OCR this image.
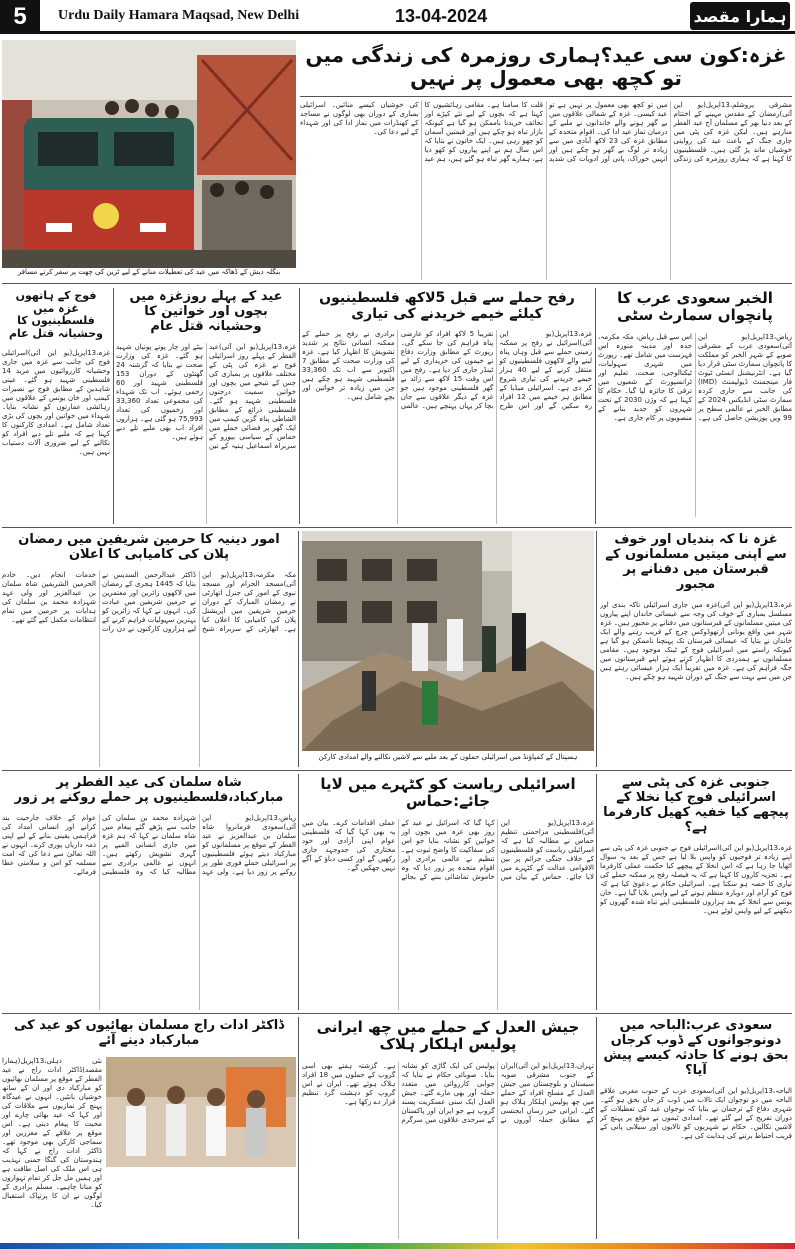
5	Urdu Daily Hamara Maqsad, New Delhi	13-04-2024	ہمارا مقصد
غزہ:کون سی عید؟ہماری روزمرہ کی زندگی میں تو کچھ بھی معمول پر نہیں
مشرقی یروشلم،13اپریل(یو این آئی)رمضان کے مقدس مہینے کے اختتام کے بعد دنیا بھر کے مسلمان آج عید الفطر منارہے ہیں۔ لیکن غزہ کی پٹی میں جاری جنگ کے باعث عید کی روایتی خوشیاں ماند پڑ گئی ہیں۔ فلسطینیوں کا کہنا ہے کہ ہماری روزمرہ کی زندگی میں تو کچھ بھی معمول پر نہیں ہے تو عید کیسی۔ غزہ کے شمالی علاقوں میں بے گھر ہونے والے خاندانوں نے ملبے کے درمیان نماز عید ادا کی۔ اقوام متحدہ کے مطابق غزہ کی 23 لاکھ آبادی میں سے زیادہ تر لوگ بے گھر ہو چکے ہیں اور انہیں خوراک، پانی اور ادویات کی شدید قلت کا سامنا ہے۔ مقامی رہائشیوں کا کہنا ہے کہ بچوں کے لیے نئے کپڑے اور تحائف خریدنا ناممکن ہو گیا ہے کیونکہ بازار تباہ ہو چکے ہیں اور قیمتیں آسمان کو چھو رہی ہیں۔ ایک خاتون نے بتایا کہ اس سال ہم نے اپنے پیاروں کو کھو دیا ہے، ہمارے گھر تباہ ہو گئے ہیں، ہم عید کی خوشیاں کیسے منائیں۔ اسرائیلی بمباری کے دوران بھی لوگوں نے مساجد کے کھنڈرات میں نماز ادا کی اور شہداء کے لیے دعا کی۔
بنگلہ دیش کے ڈھاکہ میں عید کی تعطیلات منانے کے لیے ٹرین کی چھت پر سفر کرتے مسافر
الخبر سعودی عرب کا پانچواں سمارٹ سٹی
ریاض،13اپریل(یو این آئی)سعودی عرب کے مشرقی صوبے کے شہر الخبر کو مملکت کا پانچواں سمارٹ سٹی قرار دیا گیا ہے۔ انٹرنیشنل انسٹی ٹیوٹ فار مینجمنٹ ڈیولپمنٹ (IMD) کی جانب سے جاری کردہ سمارٹ سٹی انڈیکس 2024 کے مطابق الخبر نے عالمی سطح پر 99 ویں پوزیشن حاصل کی ہے۔ اس سے قبل ریاض، مکہ مکرمہ، جدہ اور مدینہ منورہ اس فہرست میں شامل تھے۔ رپورٹ میں شہری سہولیات، ٹیکنالوجی، صحت، تعلیم اور ٹرانسپورٹ کے شعبوں میں ترقی کا جائزہ لیا گیا۔ حکام کا کہنا ہے کہ وژن 2030 کے تحت شہروں کو جدید بنانے کے منصوبوں پر کام جاری ہے۔
رفح حملے سے قبل 5لاکھ فلسطینیوں کیلئے خیمے خریدنے کی تیاری
غزہ،13اپریل(یو این آئی)اسرائیل نے رفح پر ممکنہ زمینی حملے سے قبل وہاں پناہ لینے والے لاکھوں فلسطینیوں کو منتقل کرنے کے لیے 40 ہزار خیمے خریدنے کی تیاری شروع کر دی ہے۔ اسرائیلی میڈیا کے مطابق ہر خیمے میں 12 افراد رہ سکیں گے اور اس طرح تقریباً 5 لاکھ افراد کو عارضی پناہ فراہم کی جا سکے گی۔ رپورٹ کے مطابق وزارت دفاع نے خیموں کی خریداری کے لیے ٹینڈر جاری کر دیا ہے۔ رفح میں اس وقت 15 لاکھ سے زائد بے گھر فلسطینی موجود ہیں جو غزہ کے دیگر علاقوں سے جان بچا کر یہاں پہنچے ہیں۔ عالمی برادری نے رفح پر حملے کے ممکنہ انسانی نتائج پر شدید تشویش کا اظہار کیا ہے۔ غزہ کی وزارت صحت کے مطابق 7 اکتوبر سے اب تک 33,360 فلسطینی شہید ہو چکے ہیں جن میں زیادہ تر خواتین اور بچے شامل ہیں۔
عید کے پہلے روزغزہ میں بچوں اور خواتین کا وحشیانہ قتل عام
غزہ،13اپریل(یو این آئی)عید الفطر کے پہلے روز اسرائیلی فوج نے غزہ کی پٹی کے مختلف علاقوں پر بمباری کی جس کے نتیجے میں بچوں اور خواتین سمیت درجنوں فلسطینی شہید ہو گئے۔ فلسطینی ذرائع کے مطابق الشاطی پناہ گزین کیمپ میں ایک گھر پر فضائی حملے میں حماس کے سیاسی بیورو کے سربراہ اسماعیل ہنیہ کے تین بیٹے اور چار پوتے پوتیاں شہید ہو گئے۔ غزہ کی وزارت صحت نے بتایا کہ گزشتہ 24 گھنٹوں کے دوران 153 فلسطینی شہید اور 60 زخمی ہوئے۔ اب تک شہداء کی مجموعی تعداد 33,360 اور زخمیوں کی تعداد 75,993 ہو گئی ہے۔ ہزاروں افراد اب بھی ملبے تلے دبے ہوئے ہیں۔
فوج کے ہاتھوں غزہ میں فلسطینیوں کا وحشیانہ قتل عام
غزہ،13اپریل(یو این آئی)اسرائیلی فوج کی جانب سے غزہ میں جاری وحشیانہ کارروائیوں میں مزید 14 فلسطینی شہید ہو گئے۔ عینی شاہدین کے مطابق فوج نے نصیرات کیمپ اور خان یونس کے علاقوں میں رہائشی عمارتوں کو نشانہ بنایا۔ شہداء میں خواتین اور بچوں کی بڑی تعداد شامل ہے۔ امدادی کارکنوں کا کہنا ہے کہ ملبے تلے دبے افراد کو نکالنے کے لیے ضروری آلات دستیاب نہیں ہیں۔
امور دینیہ کا حرمین شریفین میں رمضان پلان کی کامیابی کا اعلان
مکہ مکرمہ،13اپریل(یو این آئی)مسجد الحرام اور مسجد نبوی کے امور کی جنرل اتھارٹی نے رمضان المبارک کے دوران حرمین شریفین میں آپریشنل پلان کی کامیابی کا اعلان کیا ہے۔ اتھارٹی کے سربراہ شیخ ڈاکٹر عبدالرحمن السدیس نے بتایا کہ 1445 ہجری کے رمضان میں لاکھوں زائرین اور معتمرین نے حرمین شریفین میں عبادت کی۔ انہوں نے کہا کہ زائرین کو بہترین سہولیات فراہم کرنے کے لیے ہزاروں کارکنوں نے دن رات خدمات انجام دیں۔ خادم الحرمین الشریفین شاہ سلمان بن عبدالعزیز اور ولی عہد شہزادہ محمد بن سلمان کی ہدایات پر حرمین میں تمام انتظامات مکمل کیے گئے تھے۔
ہسپتال کے کمپاؤنڈ میں اسرائیلی حملوں کے بعد ملبے سے لاشیں نکالنے والے امدادی کارکن
غزہ نا کہ بندیاں اور خوف سے اپنی میتیں مسلمانوں کے قبرستان میں دفنانے پر مجبور
غزہ،13اپریل(یو این آئی)غزہ میں جاری اسرائیلی ناکہ بندی اور مسلسل بمباری کے خوف کی وجہ سے عیسائی خاندان اپنے پیاروں کی میتیں مسلمانوں کے قبرستانوں میں دفنانے پر مجبور ہیں۔ غزہ شہر میں واقع یونانی آرتھوڈوکس چرچ کے قریب رہنے والے ایک خاندان نے بتایا کہ عیسائی قبرستان تک پہنچنا ناممکن ہو گیا ہے کیونکہ راستے میں اسرائیلی فوج کے ٹینک موجود ہیں۔ مقامی مسلمانوں نے ہمدردی کا اظہار کرتے ہوئے اپنے قبرستانوں میں جگہ فراہم کی ہے۔ غزہ میں تقریباً ایک ہزار عیسائی رہتے ہیں جن میں سے بہت سے جنگ کے دوران شہید ہو چکے ہیں۔
شاہ سلمان کی عید الفطر پر مبارکباد،فلسطینیوں پر حملے روکنے پر زور
ریاض،13اپریل(یو این آئی)سعودی فرمانروا شاہ سلمان بن عبدالعزیز نے عید الفطر کے موقع پر مسلمانوں کو مبارکباد دیتے ہوئے فلسطینیوں پر اسرائیلی حملے فوری طور پر روکنے پر زور دیا ہے۔ ولی عہد شہزادہ محمد بن سلمان کی جانب سے پڑھے گئے پیغام میں شاہ سلمان نے کہا کہ ہم غزہ میں جاری انسانی المیے پر گہری تشویش رکھتے ہیں۔ انہوں نے عالمی برادری سے مطالبہ کیا کہ وہ فلسطینی عوام کے خلاف جارحیت بند کرانے اور انسانی امداد کی فراہمی یقینی بنانے کے لیے اپنی ذمہ داریاں پوری کرے۔ انہوں نے اللہ تعالیٰ سے دعا کی کہ امت مسلمہ کو امن و سلامتی عطا فرمائے۔
اسرائیلی ریاست کو کٹہرے میں لایا جائے:حماس
غزہ،13اپریل(یو این آئی)فلسطینی مزاحمتی تنظیم حماس نے مطالبہ کیا ہے کہ اسرائیلی ریاست کو فلسطینیوں کے خلاف جنگی جرائم پر بین الاقوامی عدالت کے کٹہرے میں لایا جائے۔ حماس کے بیان میں کہا گیا کہ اسرائیل نے عید کے روز بھی غزہ میں بچوں اور خواتین کو نشانہ بنایا جو اس کی سفاکیت کا واضح ثبوت ہے۔ تنظیم نے عالمی برادری اور اقوام متحدہ پر زور دیا کہ وہ خاموش تماشائی بننے کے بجائے عملی اقدامات کرے۔ بیان میں یہ بھی کہا گیا کہ فلسطینی عوام اپنی آزادی اور خود مختاری کی جدوجہد جاری رکھیں گے اور کسی دباؤ کے آگے نہیں جھکیں گے۔
جنوبی غزہ کی پٹی سے اسرائیلی فوج کیا نخلا کے پیچھے کیا خفیہ کھیل کارفرما ہے؟
غزہ،13اپریل(یو این آئی)اسرائیلی فوج نے جنوبی غزہ کی پٹی سے اپنے زیادہ تر فوجیوں کو واپس بلا لیا ہے جس کے بعد یہ سوال اٹھایا جا رہا ہے کہ اس انخلا کے پیچھے کیا حکمت عملی کارفرما ہے۔ تجزیہ کاروں کا کہنا ہے کہ یہ فیصلہ رفح پر ممکنہ حملے کی تیاری کا حصہ ہو سکتا ہے۔ اسرائیلی حکام نے دعویٰ کیا ہے کہ فوج کو آرام اور دوبارہ منظم ہونے کے لیے واپس بلایا گیا ہے۔ خان یونس سے انخلا کے بعد ہزاروں فلسطینی اپنے تباہ شدہ گھروں کو دیکھنے کے لیے واپس لوٹے ہیں۔
ڈاکٹر ادات راج مسلمان بھائیوں کو عید کی مبارکباد دینے آئے
نئی دہلی،13اپریل(ہمارا مقصد)ڈاکٹر ادات راج نے عید الفطر کے موقع پر مسلمان بھائیوں کو مبارکباد دی اور ان کے ساتھ خوشیاں بانٹیں۔ انہوں نے عیدگاہ پہنچ کر نمازیوں سے ملاقات کی اور کہا کہ عید بھائی چارے اور محبت کا پیغام دیتی ہے۔ اس موقع پر علاقے کے معززین اور سماجی کارکن بھی موجود تھے۔ ڈاکٹر ادات راج نے کہا کہ ہندوستان کی گنگا جمنی تہذیب ہی اس ملک کی اصل طاقت ہے اور ہمیں مل جل کر تمام تہواروں کو منانا چاہیے۔ مسلم برادری کے لوگوں نے ان کا پرتپاک استقبال کیا۔
جیش العدل کے حملے میں چھ ایرانی پولیس اہلکار ہلاک
تہران،13اپریل(یو این آئی)ایران کے جنوب مشرقی صوبہ سیستان و بلوچستان میں جیش العدل کے مسلح افراد کے حملے میں چھ پولیس اہلکار ہلاک ہو گئے۔ ایرانی خبر رساں ایجنسی کے مطابق حملہ آوروں نے پولیس کی ایک گاڑی کو نشانہ بنایا۔ صوبائی حکام نے بتایا کہ جوابی کارروائی میں متعدد حملہ آور بھی مارے گئے۔ جیش العدل ایک سنی عسکریت پسند گروپ ہے جو ایران اور پاکستان کے سرحدی علاقوں میں سرگرم ہے۔ گزشتہ ہفتے بھی اسی گروپ کے حملوں میں 18 افراد ہلاک ہوئے تھے۔ ایران نے اس گروپ کو دہشت گرد تنظیم قرار دے رکھا ہے۔
سعودی عرب:الباحہ میں دونوجوانوں کے ڈوب کرجاں بحق ہونے کا حادثہ کیسے پیش آیا؟
الباحہ،13اپریل(یو این آئی)سعودی عرب کے جنوب مغربی علاقے الباحہ میں دو نوجوان ایک تالاب میں ڈوب کر جاں بحق ہو گئے۔ شہری دفاع کے ترجمان نے بتایا کہ نوجوان عید کی تعطیلات کے دوران تفریح کے لیے گئے تھے۔ امدادی ٹیموں نے موقع پر پہنچ کر لاشیں نکالیں۔ حکام نے شہریوں کو تالابوں اور سیلابی پانی کے قریب احتیاط برتنے کی ہدایت کی ہے۔
